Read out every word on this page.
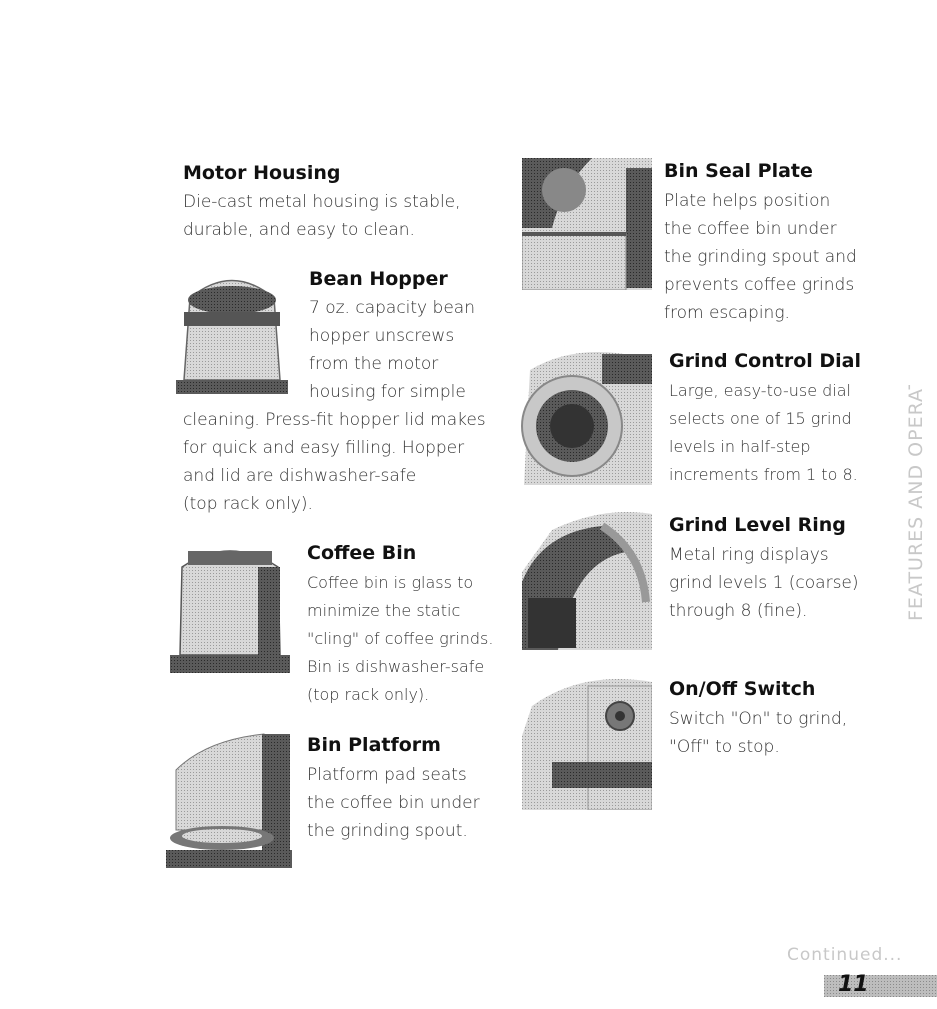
Motor Housing
Die-cast metal housing is stable,
durable, and easy to clean.
Bean Hopper
7 oz. capacity bean
hopper unscrews
from the motor
housing for simple
cleaning. Press-fit hopper lid makes
for quick and easy filling. Hopper
and lid are dishwasher-safe
(top rack only).
Coffee Bin
Coffee bin is glass to
minimize the static
"cling" of coffee grinds.
Bin is dishwasher-safe
(top rack only).
Bin Platform
Platform pad seats
the coffee bin under
the grinding spout.
Bin Seal Plate
Plate helps position
the coffee bin under
the grinding spout and
prevents coffee grinds
from escaping.
Grind Control Dial
Large, easy-to-use dial
selects one of 15 grind
levels in half-step
increments from 1 to 8.
Grind Level Ring
Metal ring displays
grind levels 1 (coarse)
through 8 (fine).
On/Off Switch
Switch "On" to grind,
"Off" to stop.
FEATURES AND OPERATION
Continued...
11
